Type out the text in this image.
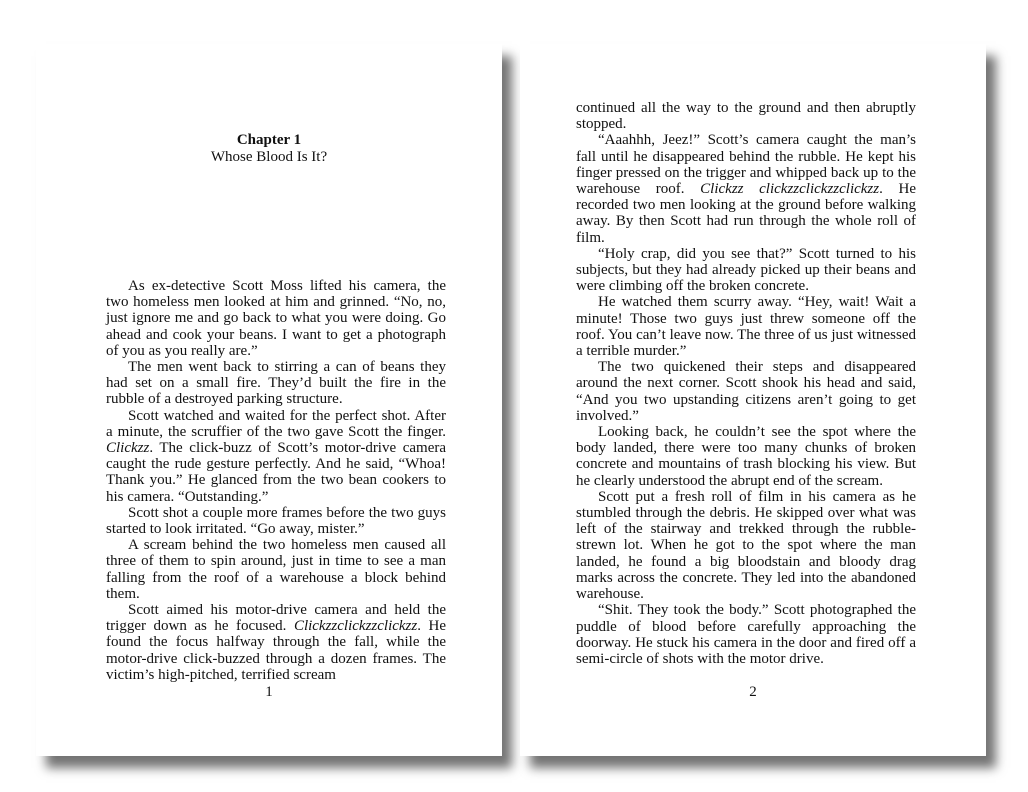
Chapter 1
Whose Blood Is It?

As ex-detective Scott Moss lifted his camera, the two homeless men looked at him and grinned. “No, no, just ignore me and go back to what you were doing. Go ahead and cook your beans. I want to get a photograph of you as you really are.”

The men went back to stirring a can of beans they had set on a small fire. They’d built the fire in the rubble of a destroyed parking structure.

Scott watched and waited for the perfect shot. After a minute, the scruffier of the two gave Scott the finger. Clickzz. The click-buzz of Scott’s motor-drive camera caught the rude gesture perfectly. And he said, “Whoa! Thank you.” He glanced from the two bean cookers to his camera. “Outstanding.”

Scott shot a couple more frames before the two guys started to look irritated. “Go away, mister.”

A scream behind the two homeless men caused all three of them to spin around, just in time to see a man falling from the roof of a warehouse a block behind them.

Scott aimed his motor-drive camera and held the trigger down as he focused. Clickzzclickzzclickzz. He found the focus halfway through the fall, while the motor-drive click-buzzed through a dozen frames. The victim’s high-pitched, terrified scream

1

continued all the way to the ground and then abruptly stopped.

“Aaahhh, Jeez!” Scott’s camera caught the man’s fall until he disappeared behind the rubble. He kept his finger pressed on the trigger and whipped back up to the warehouse roof. Clickzz clickzzclickzzclickzz. He recorded two men looking at the ground before walking away. By then Scott had run through the whole roll of film.

“Holy crap, did you see that?” Scott turned to his subjects, but they had already picked up their beans and were climbing off the broken concrete.

He watched them scurry away. “Hey, wait! Wait a minute! Those two guys just threw someone off the roof. You can’t leave now. The three of us just witnessed a terrible murder.”

The two quickened their steps and disappeared around the next corner. Scott shook his head and said, “And you two upstanding citizens aren’t going to get involved.”

Looking back, he couldn’t see the spot where the body landed, there were too many chunks of broken concrete and mountains of trash blocking his view. But he clearly understood the abrupt end of the scream.

Scott put a fresh roll of film in his camera as he stumbled through the debris. He skipped over what was left of the stairway and trekked through the rubble-strewn lot. When he got to the spot where the man landed, he found a big bloodstain and bloody drag marks across the concrete. They led into the abandoned warehouse.

“Shit. They took the body.” Scott photographed the puddle of blood before carefully approaching the doorway. He stuck his camera in the door and fired off a semi-circle of shots with the motor drive.

2
